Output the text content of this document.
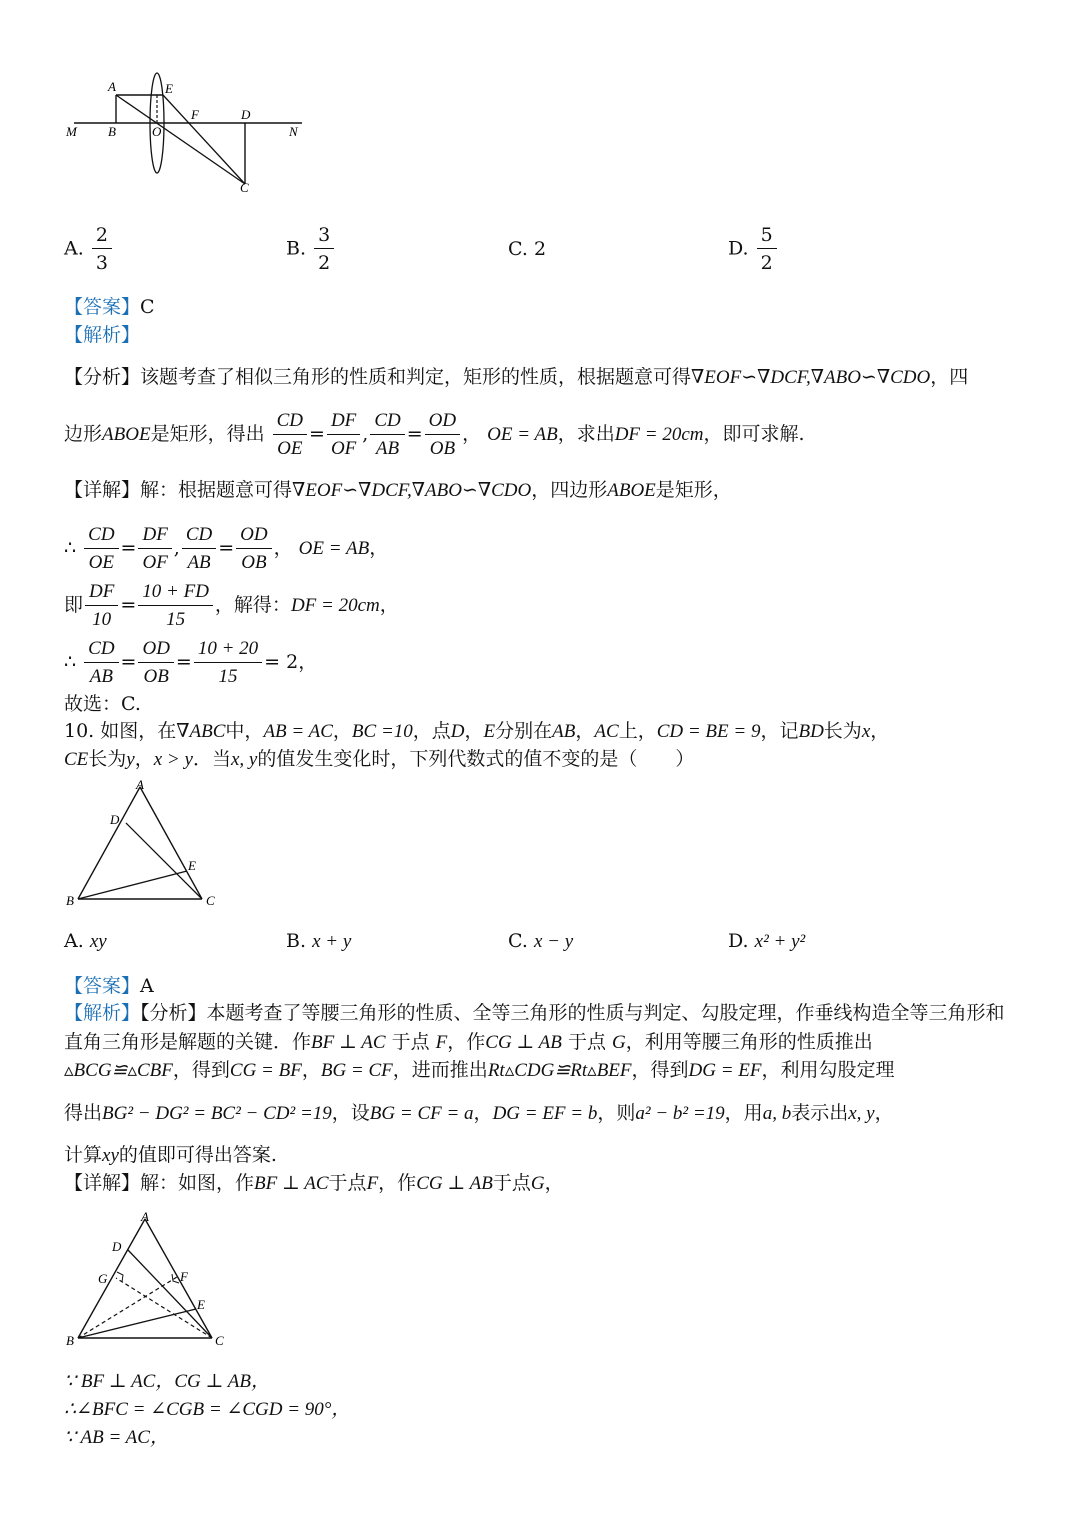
A	E
F	D
M B	O	N
C
A. $\frac{2}{3}$	B. $\frac{3}{2}$	C. 2	D. $\frac{5}{2}$
【答案】C
【解析】
【分析】该题考查了相似三角形的性质和判定，矩形的性质，根据题意可得∇EOF∽∇DCF,∇ABO∽∇CDO，四
边形ABOE是矩形，得出 $\frac{CD}{OE} = \frac{DF}{OF}$ , $\frac{CD}{AB} = \frac{OD}{OB}$ ， OE = AB，求出DF = 20cm，即可求解.
【详解】解：根据题意可得∇EOF∽∇DCF,∇ABO∽∇CDO，四边形ABOE是矩形，
∴ $\frac{CD}{OE} = \frac{DF}{OF}$ , $\frac{CD}{AB} = \frac{OD}{OB}$ ， OE = AB，
即 $\frac{DF}{10} = \frac{10 + FD}{15}$ ，解得：DF = 20cm，
∴ $\frac{CD}{AB} = \frac{OD}{OB} = \frac{10 + 20}{15} = 2$，
故选：C.
10. 如图，在∇ABC中，AB = AC，BC =10，点D，E分别在AB，AC上，CD = BE = 9，记BD长为x，
CE长为y，x > y．当x, y的值发生变化时，下列代数式的值不变的是（　　）
A
D
E
B	C
A. xy	B. x + y	C. x − y	D. x² + y²
【答案】A
【解析】【分析】本题考查了等腰三角形的性质、全等三角形的性质与判定、勾股定理，作垂线构造全等三角形和
直角三角形是解题的关键．作BF ⊥ AC 于点 F，作CG ⊥ AB 于点 G，利用等腰三角形的性质推出
▵BCG≌▵CBF，得到CG = BF，BG = CF，进而推出Rt▵CDG≌Rt▵BEF，得到DG = EF，利用勾股定理
得出BG² − DG² = BC² − CD² =19，设BG = CF = a，DG = EF = b，则a² − b² =19，用a, b表示出x, y，
计算xy的值即可得出答案.
【详解】解：如图，作BF ⊥ AC于点F，作CG ⊥ AB于点G，
A
D
G	F
E
B	C
∵ BF ⊥ AC，CG ⊥ AB，
∴∠BFC = ∠CGB = ∠CGD = 90°，
∵ AB = AC，
